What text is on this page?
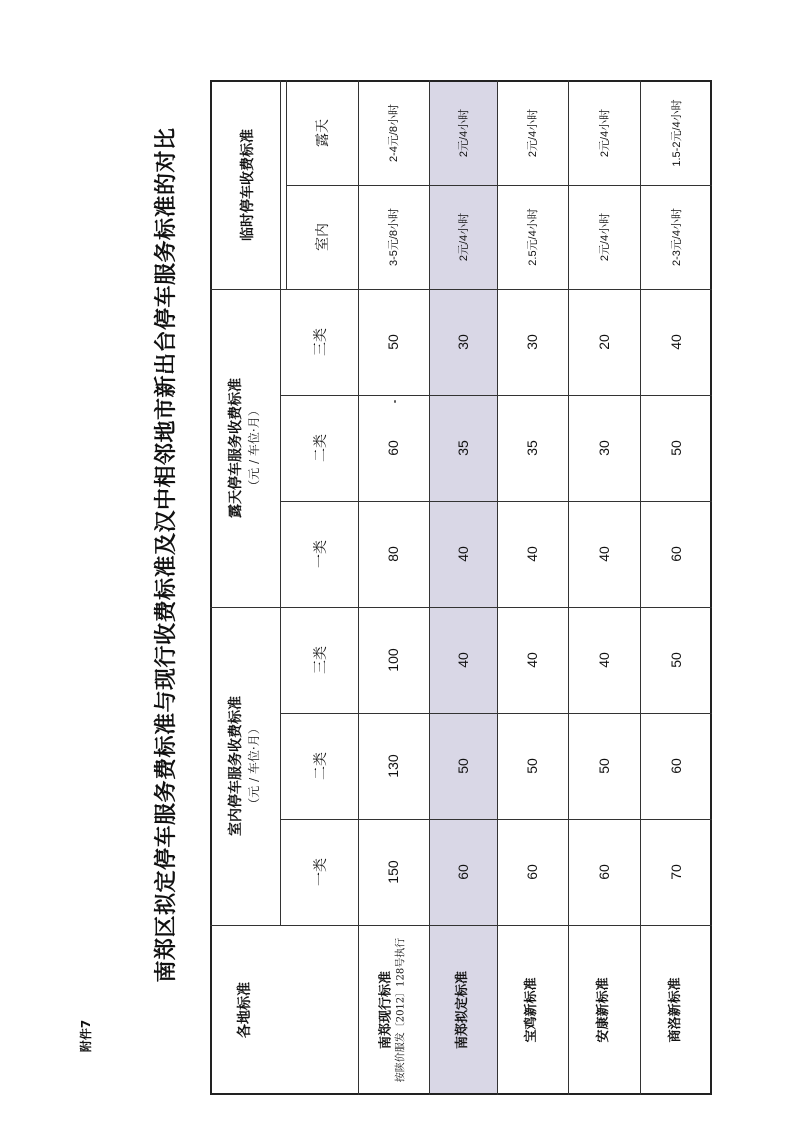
附件7
南郑区拟定停车服务费标准与现行收费标准及汉中相邻地市新出台停车服务标准的对比
各地标准
室内停车服务收费标准 （元 / 车位·月）
露天停车服务收费标准 （元 / 车位·月）
临时停车收费标准
一类
二类
三类
一类
二类
三类
室内
露天
南郑现行标准 按陕价服发〔2012〕128号执行
150
130
100
80
60
50
3-5元/8小时
2-4元/8小时
南郑拟定标准
60
50
40
40
35
30
2元/4小时
2元/4小时
宝鸡新标准
60
50
40
40
35
30
2.5元/4小时
2元/4小时
安康新标准
60
50
40
40
30
20
2元/4小时
2元/4小时
商洛新标准
70
60
50
60
50
40
2-3元/4小时
1.5-2元/4小时
